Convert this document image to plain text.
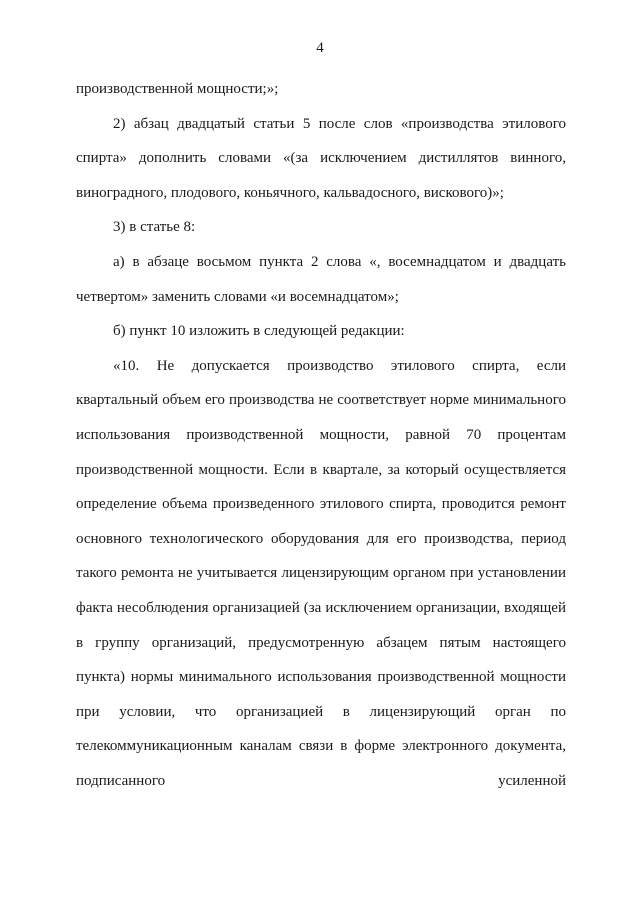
4

производственной мощности;»;

2) абзац двадцатый статьи 5 после слов «производства этилового спирта» дополнить словами «(за исключением дистиллятов винного, виноградного, плодового, коньячного, кальвадосного, вискового)»;

3) в статье 8:

а) в абзаце восьмом пункта 2 слова «, восемнадцатом и двадцать четвертом» заменить словами «и восемнадцатом»;

б) пункт 10 изложить в следующей редакции:

«10. Не допускается производство этилового спирта, если квартальный объем его производства не соответствует норме минимального использования производственной мощности, равной 70 процентам производственной мощности. Если в квартале, за который осуществляется определение объема произведенного этилового спирта, проводится ремонт основного технологического оборудования для его производства, период такого ремонта не учитывается лицензирующим органом при установлении факта несоблюдения организацией (за исключением организации, входящей в группу организаций, предусмотренную абзацем пятым настоящего пункта) нормы минимального использования производственной мощности при условии, что организацией в лицензирующий орган по телекоммуникационным каналам связи в форме электронного документа, подписанного усиленной
